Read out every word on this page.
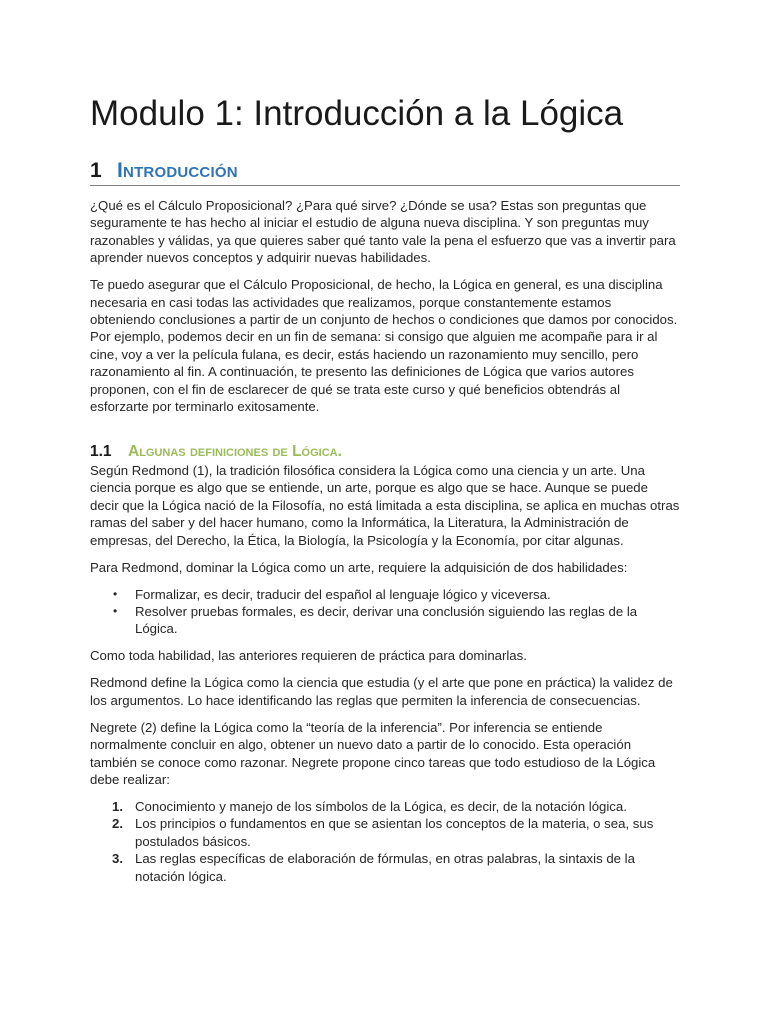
Modulo 1: Introducción a la Lógica
1 Introducción

¿Qué es el Cálculo Proposicional? ¿Para qué sirve? ¿Dónde se usa? Estas son preguntas que seguramente te has hecho al iniciar el estudio de alguna nueva disciplina. Y son preguntas muy razonables y válidas, ya que quieres saber qué tanto vale la pena el esfuerzo que vas a invertir para aprender nuevos conceptos y adquirir nuevas habilidades.

Te puedo asegurar que el Cálculo Proposicional, de hecho, la Lógica en general, es una disciplina necesaria en casi todas las actividades que realizamos, porque constantemente estamos obteniendo conclusiones a partir de un conjunto de hechos o condiciones que damos por conocidos. Por ejemplo, podemos decir en un fin de semana: si consigo que alguien me acompañe para ir al cine, voy a ver la película fulana, es decir, estás haciendo un razonamiento muy sencillo, pero razonamiento al fin. A continuación, te presento las definiciones de Lógica que varios autores proponen, con el fin de esclarecer de qué se trata este curso y qué beneficios obtendrás al esforzarte por terminarlo exitosamente.

1.1 Algunas definiciones de Lógica.

Según Redmond (1), la tradición filosófica considera la Lógica como una ciencia y un arte. Una ciencia porque es algo que se entiende, un arte, porque es algo que se hace. Aunque se puede decir que la Lógica nació de la Filosofía, no está limitada a esta disciplina, se aplica en muchas otras ramas del saber y del hacer humano, como la Informática, la Literatura, la Administración de empresas, del Derecho, la Ética, la Biología, la Psicología y la Economía, por citar algunas.

Para Redmond, dominar la Lógica como un arte, requiere la adquisición de dos habilidades:

• Formalizar, es decir, traducir del español al lenguaje lógico y viceversa.
• Resolver pruebas formales, es decir, derivar una conclusión siguiendo las reglas de la Lógica.

Como toda habilidad, las anteriores requieren de práctica para dominarlas.

Redmond define la Lógica como la ciencia que estudia (y el arte que pone en práctica) la validez de los argumentos. Lo hace identificando las reglas que permiten la inferencia de consecuencias.

Negrete (2) define la Lógica como la “teoría de la inferencia”. Por inferencia se entiende normalmente concluir en algo, obtener un nuevo dato a partir de lo conocido. Esta operación también se conoce como razonar. Negrete propone cinco tareas que todo estudioso de la Lógica debe realizar:

1. Conocimiento y manejo de los símbolos de la Lógica, es decir, de la notación lógica.
2. Los principios o fundamentos en que se asientan los conceptos de la materia, o sea, sus postulados básicos.
3. Las reglas específicas de elaboración de fórmulas, en otras palabras, la sintaxis de la notación lógica.
